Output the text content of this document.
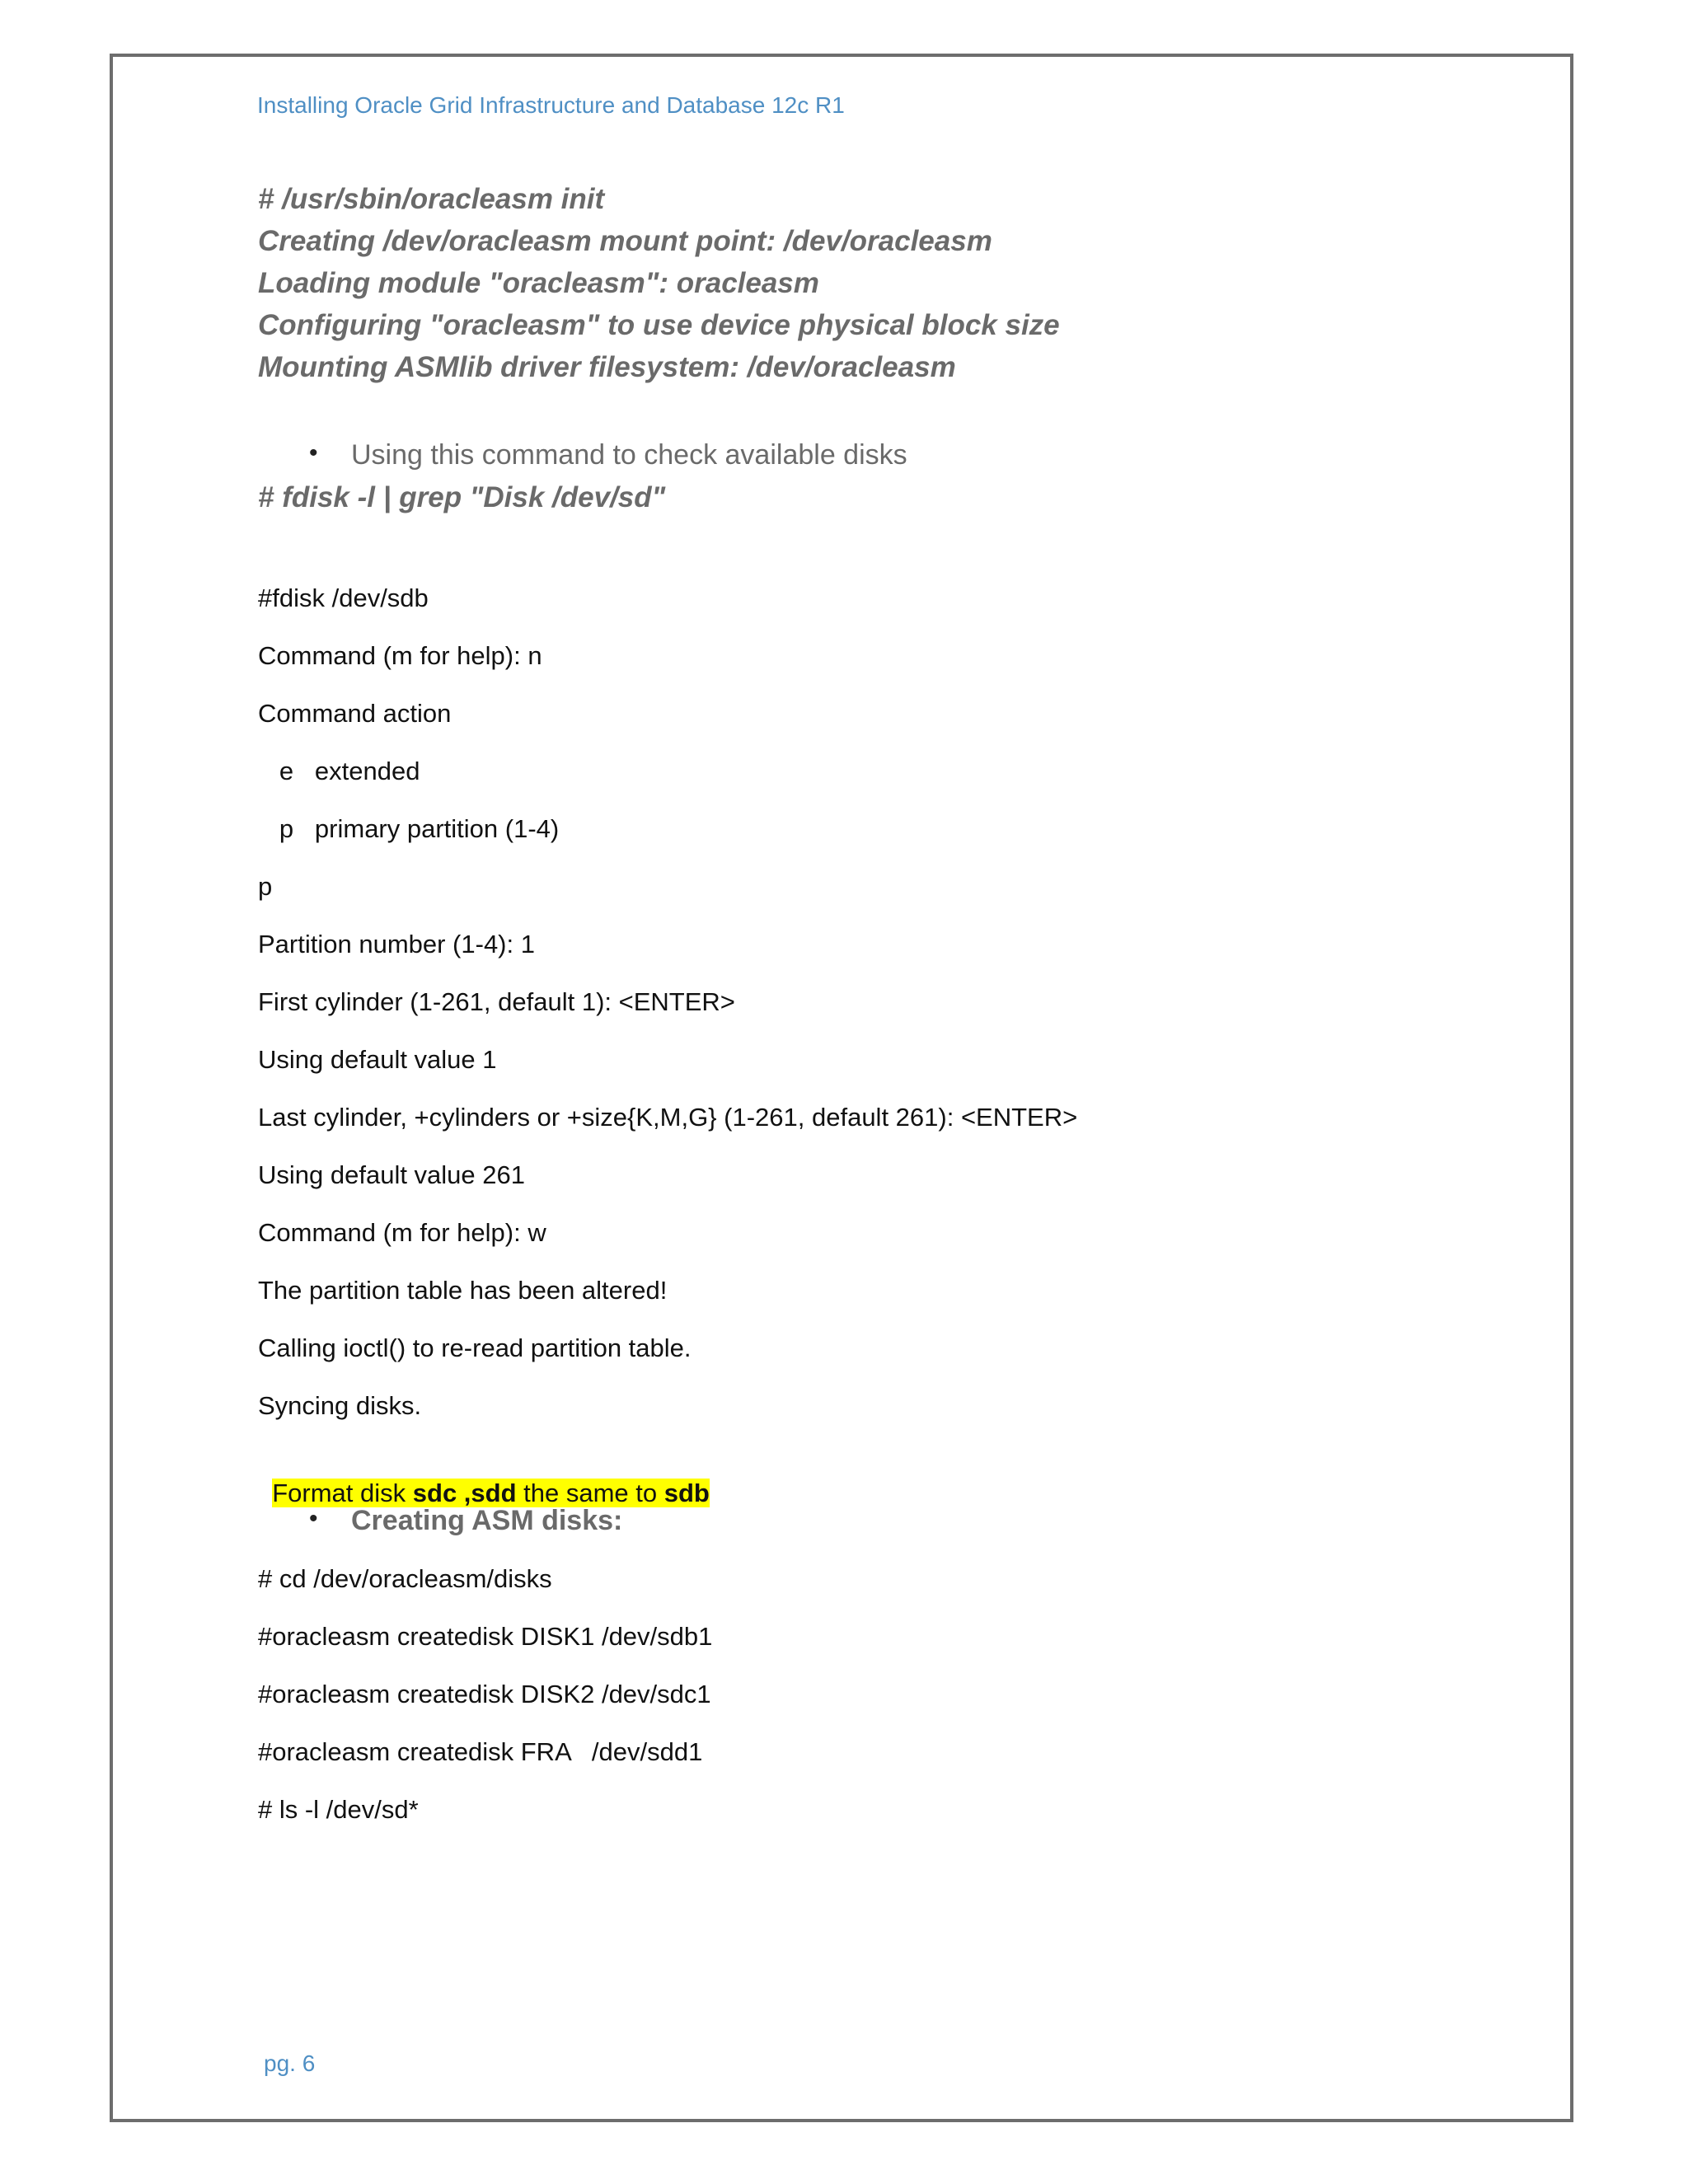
Installing Oracle Grid Infrastructure and Database 12c R1
# /usr/sbin/oracleasm init
Creating /dev/oracleasm mount point: /dev/oracleasm
Loading module "oracleasm": oracleasm
Configuring "oracleasm" to use device physical block size
Mounting ASMlib driver filesystem: /dev/oracleasm
• Using this command to check available disks
# fdisk -l | grep "Disk /dev/sd"
#fdisk /dev/sdb
Command (m for help): n
Command action
e   extended
p   primary partition (1-4)
p
Partition number (1-4): 1
First cylinder (1-261, default 1): <ENTER>
Using default value 1
Last cylinder, +cylinders or +size{K,M,G} (1-261, default 261): <ENTER>
Using default value 261
Command (m for help): w
The partition table has been altered!
Calling ioctl() to re-read partition table.
Syncing disks.

Format disk sdc ,sdd the same to sdb

• Creating ASM disks:
# cd /dev/oracleasm/disks
#oracleasm createdisk DISK1 /dev/sdb1
#oracleasm createdisk DISK2 /dev/sdc1
#oracleasm createdisk FRA   /dev/sdd1
# ls -l /dev/sd*
pg. 6
